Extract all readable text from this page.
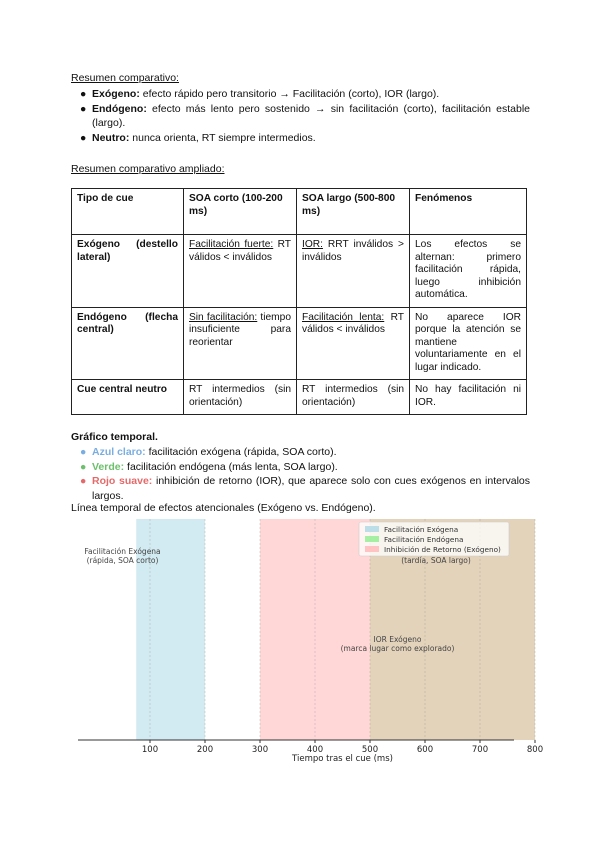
Resumen comparativo:
● Exógeno: efecto rápido pero transitorio → Facilitación (corto), IOR (largo).
● Endógeno: efecto más lento pero sostenido → sin facilitación (corto), facilitación estable (largo).
● Neutro: nunca orienta, RT siempre intermedios.
Resumen comparativo ampliado:
Tipo de cue	SOA corto (100-200 ms)	SOA largo (500-800 ms)	Fenómenos
Exógeno (destello lateral)	Facilitación fuerte: RT válidos < inválidos	IOR: RRT inválidos > inválidos	Los efectos se alternan: primero facilitación rápida, luego inhibición automática.
Endógeno (flecha central)	Sin facilitación: tiempo insuficiente para reorientar	Facilitación lenta: RT válidos < inválidos	No aparece IOR porque la atención se mantiene voluntariamente en el lugar indicado.
Cue central neutro	RT intermedios (sin orientación)	RT intermedios (sin orientación)	No hay facilitación ni IOR.
Gráfico temporal.
● Azul claro: facilitación exógena (rápida, SOA corto).
● Verde: facilitación endógena (más lenta, SOA largo).
● Rojo suave: inhibición de retorno (IOR), que aparece solo con cues exógenos en intervalos largos.
Línea temporal de efectos atencionales (Exógeno vs. Endógeno).
100	200	300	400	500	600	700	800
Tiempo tras el cue (ms)
Facilitación Exógena
(rápida, SOA corto)	(tardía, SOA largo)
IOR Exógeno
(marca lugar como explorado)
Facilitación Exógena
Facilitación Endógena
Inhibición de Retorno (Exógeno)
